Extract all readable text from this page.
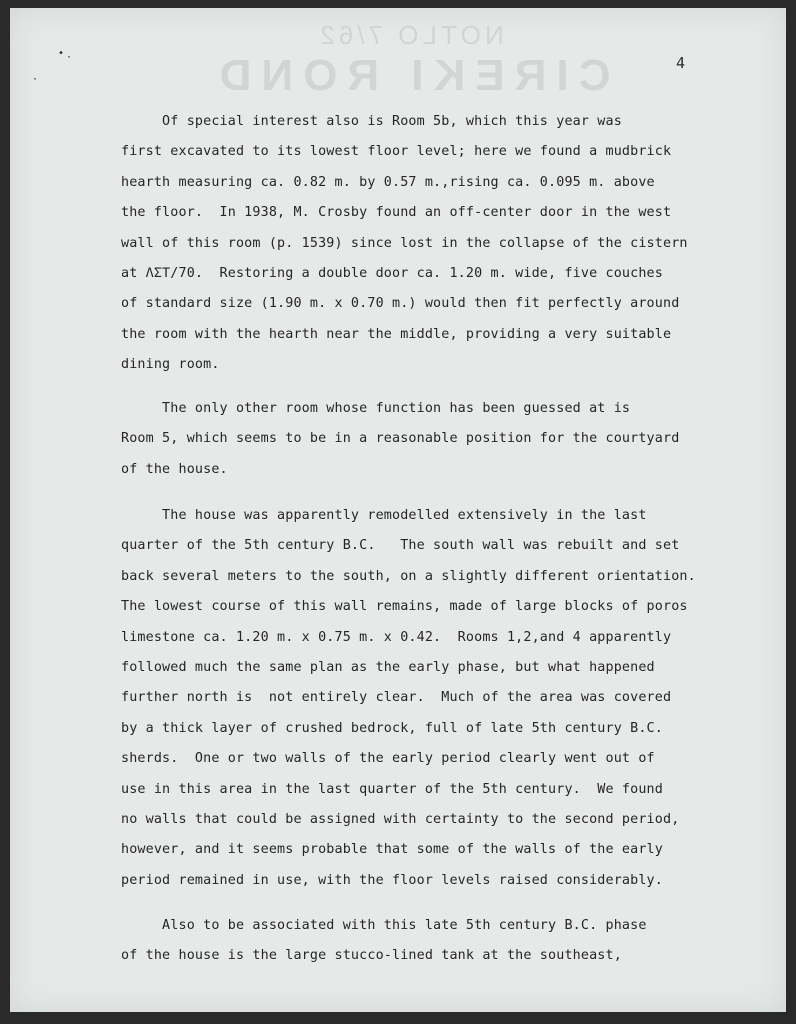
NOTLO 7/62
CIREKI ROND
• ·
·
4
Of special interest also is Room 5b, which this year was
first excavated to its lowest floor level; here we found a mudbrick
hearth measuring ca. 0.82 m. by 0.57 m.,rising ca. 0.095 m. above
the floor.  In 1938, M. Crosby found an off-center door in the west
wall of this room (p. 1539) since lost in the collapse of the cistern
at ΛΣΤ/70.  Restoring a double door ca. 1.20 m. wide, five couches
of standard size (1.90 m. x 0.70 m.) would then fit perfectly around
the room with the hearth near the middle, providing a very suitable
dining room.
The only other room whose function has been guessed at is
Room 5, which seems to be in a reasonable position for the courtyard
of the house.
The house was apparently remodelled extensively in the last
quarter of the 5th century B.C.   The south wall was rebuilt and set
back several meters to the south, on a slightly different orientation.
The lowest course of this wall remains, made of large blocks of poros
limestone ca. 1.20 m. x 0.75 m. x 0.42.  Rooms 1,2,and 4 apparently
followed much the same plan as the early phase, but what happened
further north is  not entirely clear.  Much of the area was covered
by a thick layer of crushed bedrock, full of late 5th century B.C.
sherds.  One or two walls of the early period clearly went out of
use in this area in the last quarter of the 5th century.  We found
no walls that could be assigned with certainty to the second period,
however, and it seems probable that some of the walls of the early
period remained in use, with the floor levels raised considerably.
Also to be associated with this late 5th century B.C. phase
of the house is the large stucco-lined tank at the southeast,
